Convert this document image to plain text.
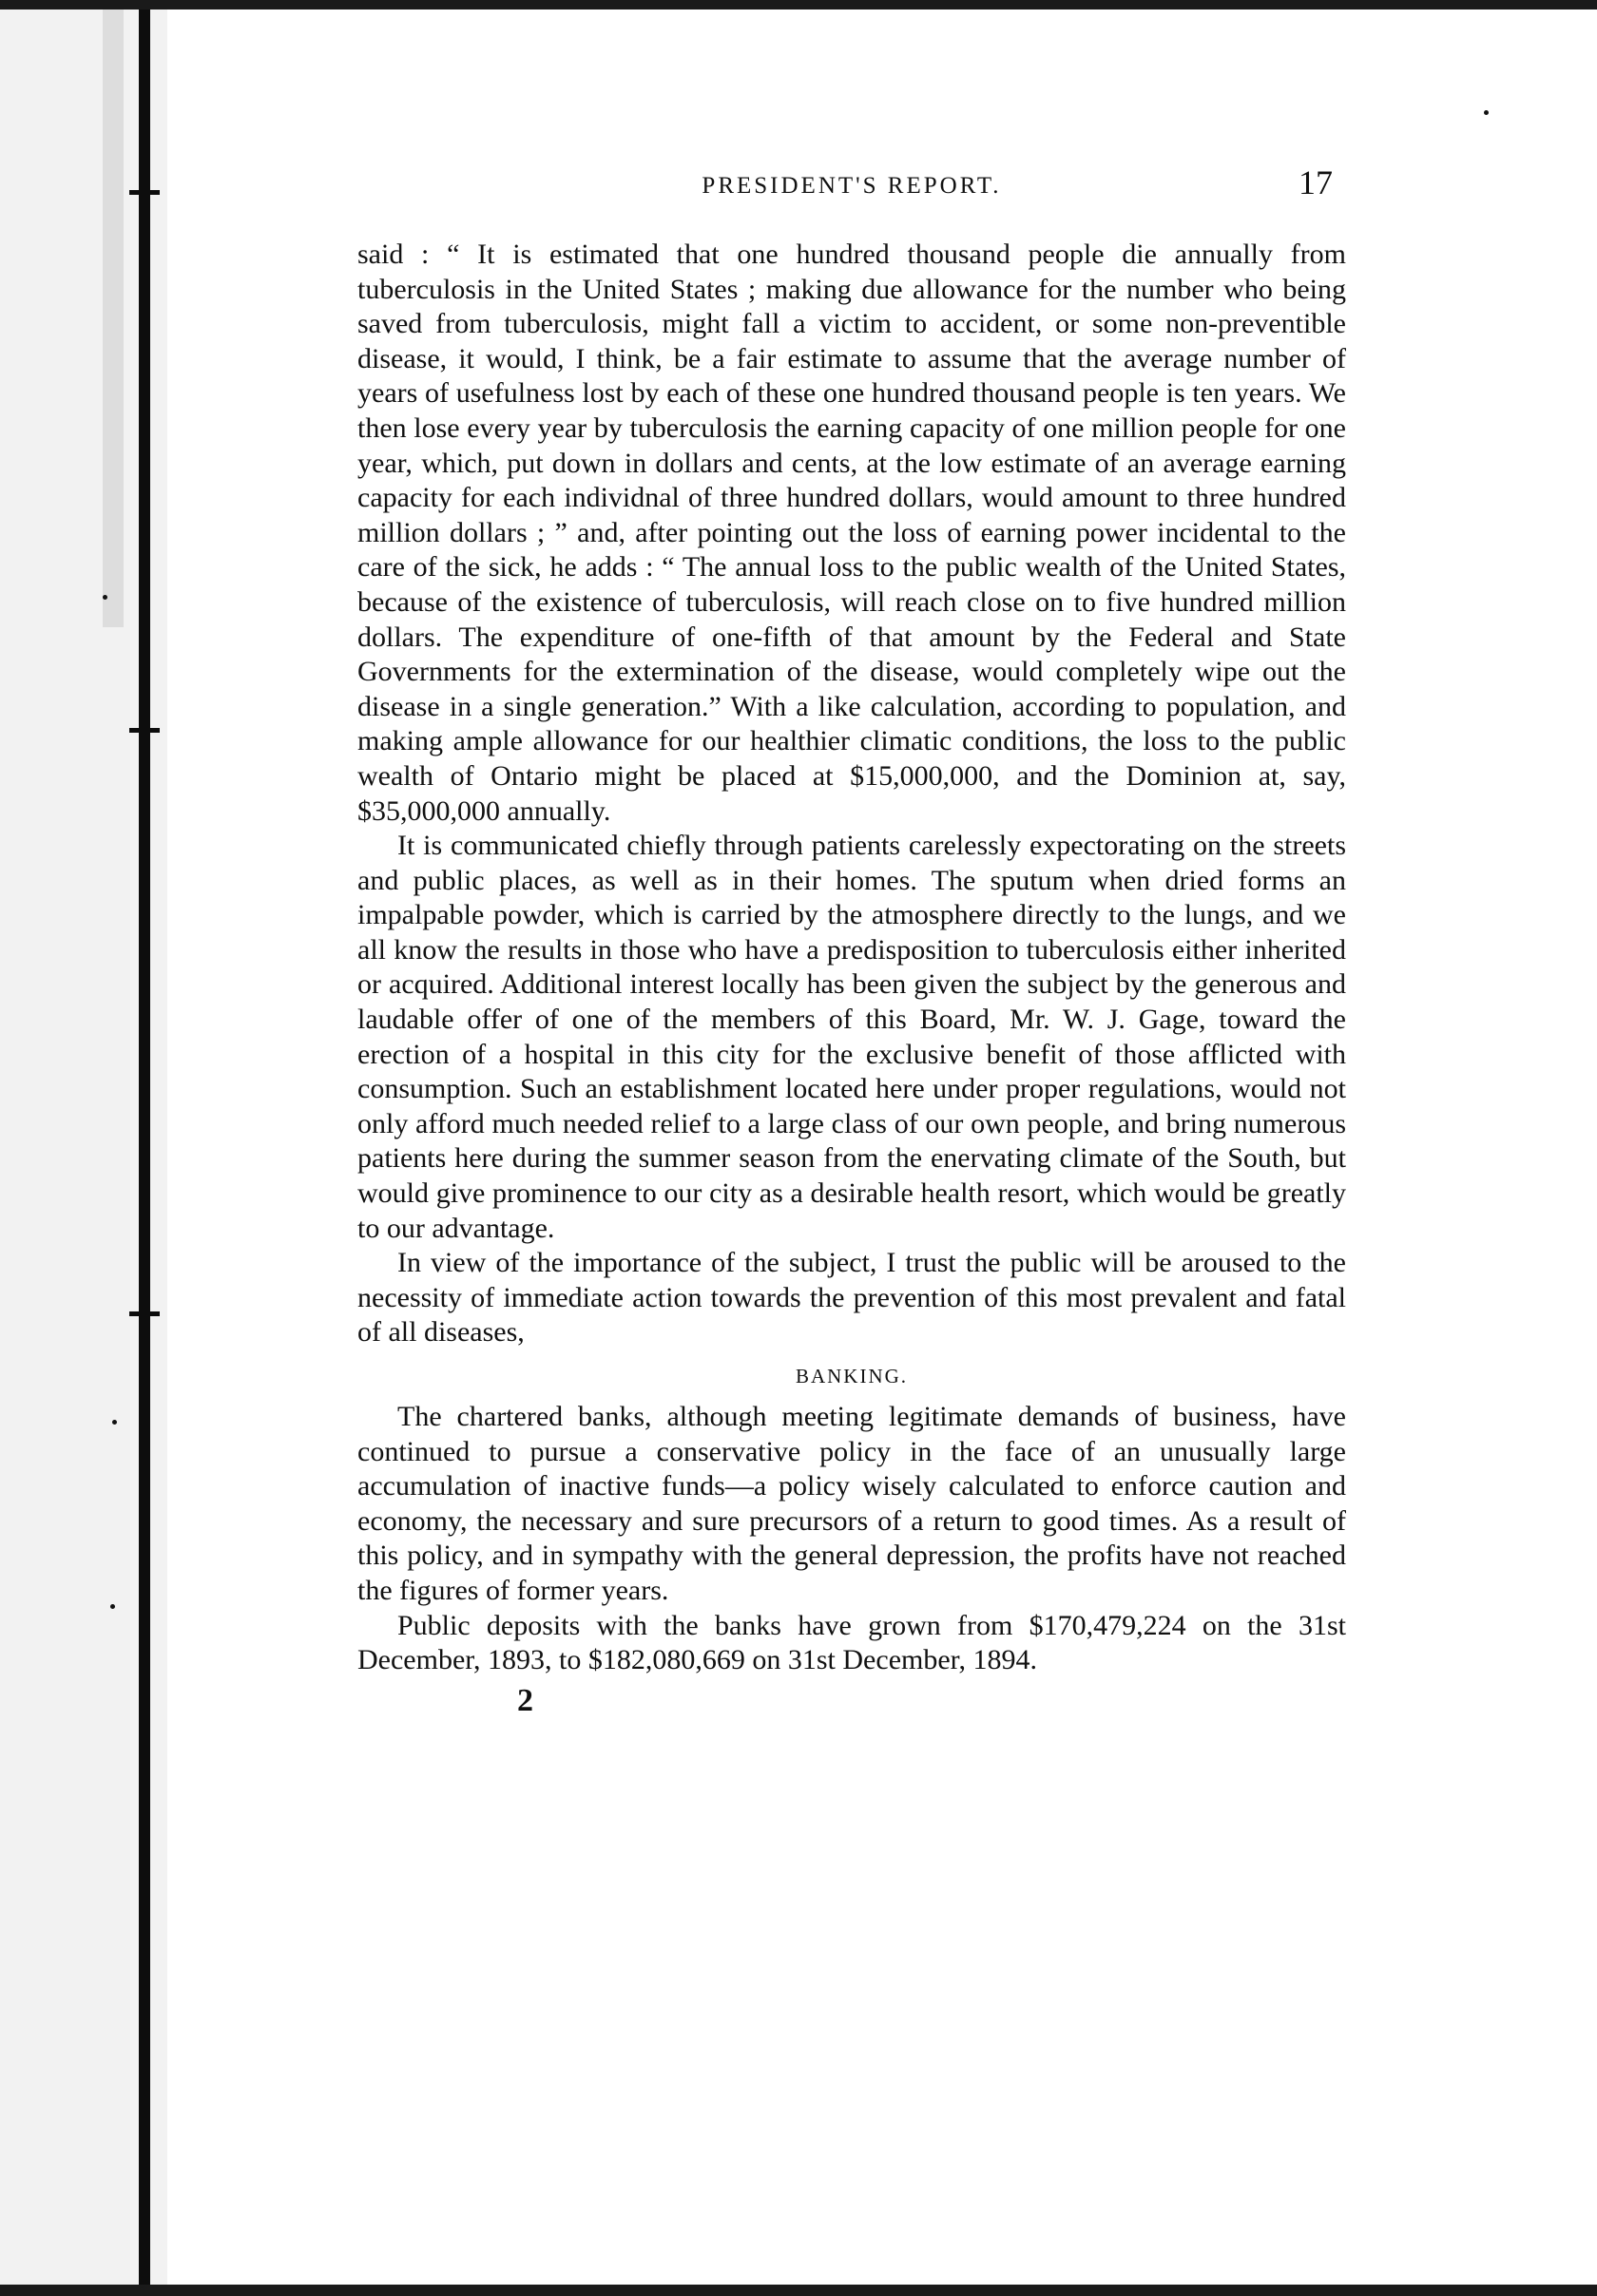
PRESIDENT'S REPORT.	17

said : “ It is estimated that one hundred thousand people die annually from tuberculosis in the United States ; making due allowance for the number who being saved from tuberculosis, might fall a victim to accident, or some non-preventible disease, it would, I think, be a fair estimate to assume that the average number of years of usefulness lost by each of these one hundred thousand people is ten years. We then lose every year by tuberculosis the earning capacity of one million people for one year, which, put down in dollars and cents, at the low estimate of an average earning capacity for each individnal of three hundred dollars, would amount to three hundred million dollars ; ” and, after pointing out the loss of earning power incidental to the care of the sick, he adds : “ The annual loss to the public wealth of the United States, because of the existence of tuberculosis, will reach close on to five hundred million dollars. The expenditure of one-fifth of that amount by the Federal and State Governments for the extermination of the disease, would completely wipe out the disease in a single generation.” With a like calculation, according to population, and making ample allowance for our healthier climatic conditions, the loss to the public wealth of Ontario might be placed at $15,000,000, and the Dominion at, say, $35,000,000 annually.

It is communicated chiefly through patients carelessly expectorating on the streets and public places, as well as in their homes. The sputum when dried forms an impalpable powder, which is carried by the atmosphere directly to the lungs, and we all know the results in those who have a predisposition to tuberculosis either inherited or acquired. Additional interest locally has been given the subject by the generous and laudable offer of one of the members of this Board, Mr. W. J. Gage, toward the erection of a hospital in this city for the exclusive benefit of those afflicted with consumption. Such an establishment located here under proper regulations, would not only afford much needed relief to a large class of our own people, and bring numerous patients here during the summer season from the enervating climate of the South, but would give prominence to our city as a desirable health resort, which would be greatly to our advantage.

In view of the importance of the subject, I trust the public will be aroused to the necessity of immediate action towards the prevention of this most prevalent and fatal of all diseases,

BANKING.

The chartered banks, although meeting legitimate demands of business, have continued to pursue a conservative policy in the face of an unusually large accumulation of inactive funds—a policy wisely calculated to enforce caution and economy, the necessary and sure precursors of a return to good times. As a result of this policy, and in sympathy with the general depression, the profits have not reached the figures of former years.

Public deposits with the banks have grown from $170,479,224 on the 31st December, 1893, to $182,080,669 on 31st December, 1894.

2
